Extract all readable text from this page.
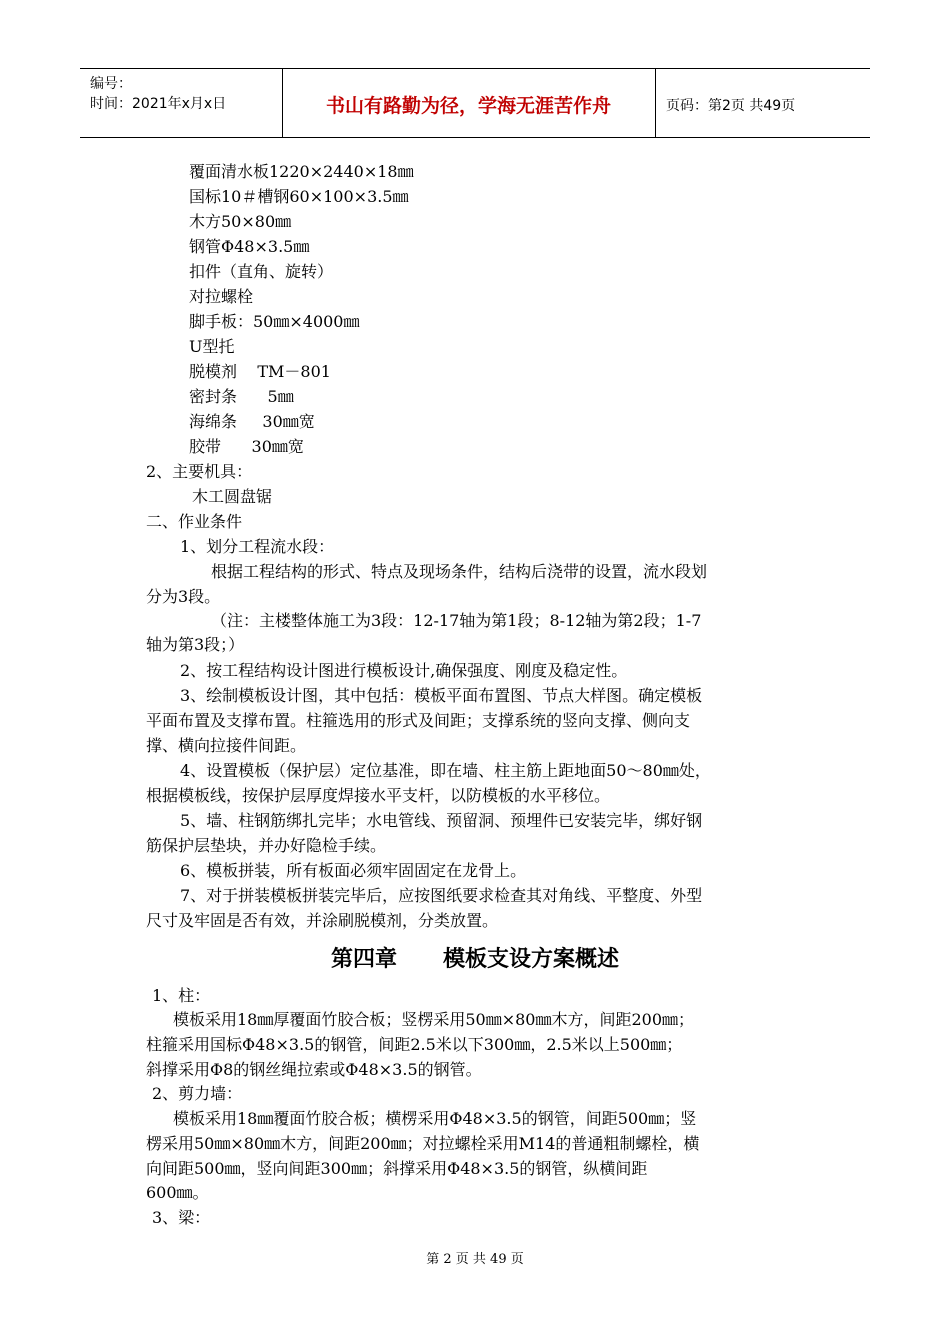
编号：
时间：2021年x月x日	书山有路勤为径，学海无涯苦作舟	页码：第2页 共49页
覆面清水板1220×2440×18㎜
国标10＃槽钢60×100×3.5㎜
木方50×80㎜
钢管Φ48×3.5㎜
扣件（直角、旋转）
对拉螺栓
脚手板：50㎜×4000㎜
U型托
脱模剂    TM－801
密封条      5㎜
海绵条     30㎜宽
胶带      30㎜宽
2、主要机具：
木工圆盘锯
二、作业条件
1、划分工程流水段：
根据工程结构的形式、特点及现场条件，结构后浇带的设置，流水段划
分为3段。
（注：主楼整体施工为3段：12-17轴为第1段；8-12轴为第2段；1-7
轴为第3段；）
2、按工程结构设计图进行模板设计,确保强度、刚度及稳定性。
3、绘制模板设计图，其中包括：模板平面布置图、节点大样图。确定模板
平面布置及支撑布置。柱箍选用的形式及间距；支撑系统的竖向支撑、侧向支
撑、横向拉接件间距。
4、设置模板（保护层）定位基准，即在墙、柱主筋上距地面50～80㎜处，
根据模板线，按保护层厚度焊接水平支杆，以防模板的水平移位。
5、墙、柱钢筋绑扎完毕；水电管线、预留洞、预埋件已安装完毕，绑好钢
筋保护层垫块，并办好隐检手续。
6、模板拼装，所有板面必须牢固固定在龙骨上。
7、对于拼装模板拼装完毕后，应按图纸要求检查其对角线、平整度、外型
尺寸及牢固是否有效，并涂刷脱模剂，分类放置。
第四章      模板支设方案概述
1、柱：
模板采用18㎜厚覆面竹胶合板；竖楞采用50㎜×80㎜木方，间距200㎜；
柱箍采用国标Φ48×3.5的钢管，间距2.5米以下300㎜，2.5米以上500㎜；
斜撑采用Φ8的钢丝绳拉索或Φ48×3.5的钢管。
2、剪力墙：
模板采用18㎜覆面竹胶合板；横楞采用Φ48×3.5的钢管，间距500㎜；竖
楞采用50㎜×80㎜木方，间距200㎜；对拉螺栓采用M14的普通粗制螺栓，横
向间距500㎜，竖向间距300㎜；斜撑采用Φ48×3.5的钢管，纵横间距
600㎜。
3、梁：
第 2 页 共 49 页
